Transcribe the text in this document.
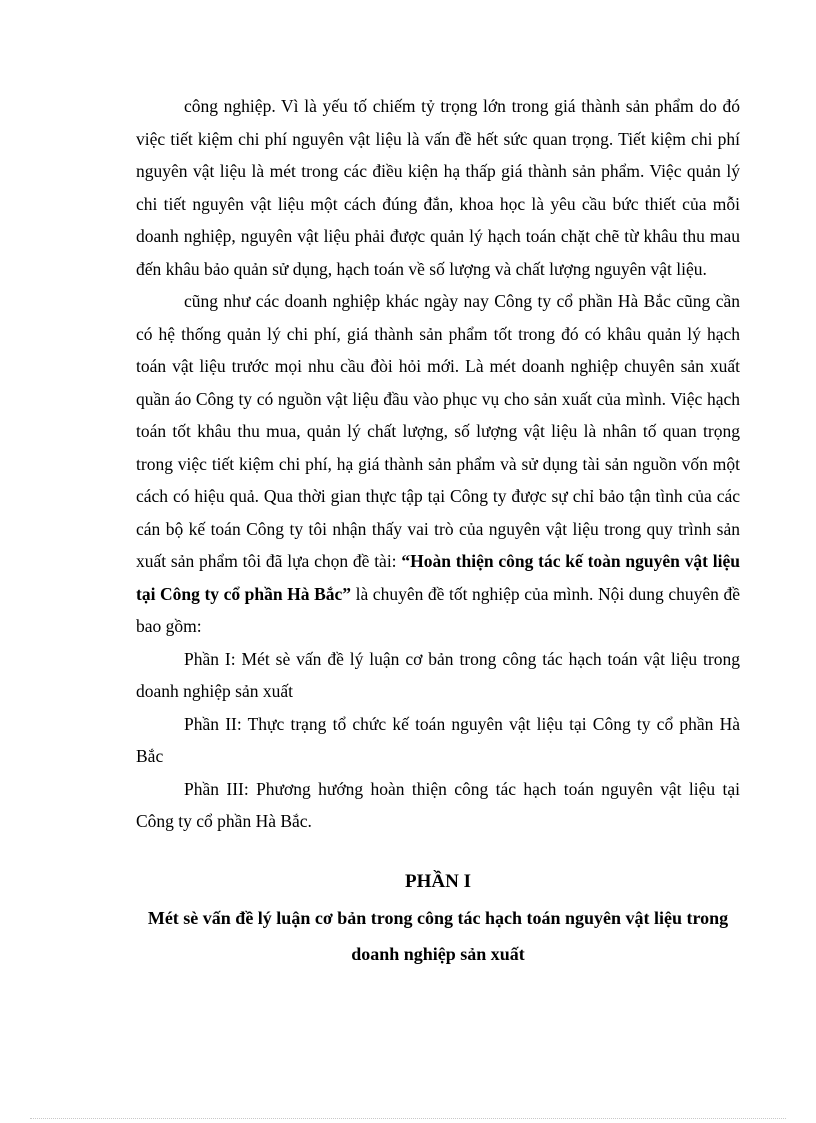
công nghiệp. Vì là yếu tố chiếm tỷ trọng lớn trong giá thành sản phẩm do đó việc tiết kiệm chi phí nguyên vật liệu là vấn đề hết sức quan trọng. Tiết kiệm chi phí nguyên vật liệu là mét trong các điều kiện hạ thấp giá thành sản phẩm. Việc quản lý chi tiết nguyên vật liệu một cách đúng đắn, khoa học là yêu cầu bức thiết của mỗi doanh nghiệp, nguyên vật liệu phải được quản lý hạch toán chặt chẽ từ khâu thu mau đến khâu bảo quản sử dụng, hạch toán về số lượng và chất lượng nguyên vật liệu.

cũng như các doanh nghiệp khác ngày nay Công ty cổ phần Hà Bắc cũng cần có hệ thống quản lý chi phí, giá thành sản phẩm tốt trong đó có khâu quản lý hạch toán vật liệu trước mọi nhu cầu đòi hỏi mới. Là mét doanh nghiệp chuyên sản xuất quần áo Công ty có nguồn vật liệu đầu vào phục vụ cho sản xuất của mình. Việc hạch toán tốt khâu thu mua, quản lý chất lượng, số lượng vật liệu là nhân tố quan trọng trong việc tiết kiệm chi phí, hạ giá thành sản phẩm và sử dụng tài sản nguồn vốn một cách có hiệu quả. Qua thời gian thực tập tại Công ty được sự chỉ bảo tận tình của các cán bộ kế toán Công ty tôi nhận thấy vai trò của nguyên vật liệu trong quy trình sản xuất sản phẩm tôi đã lựa chọn đề tài: “Hoàn thiện công tác kế toàn nguyên vật liệu tại Công ty cổ phần Hà Bắc” là chuyên đề tốt nghiệp của mình. Nội dung chuyên đề bao gồm:

Phần I: Mét sè vấn đề lý luận cơ bản trong công tác hạch toán vật liệu trong doanh nghiệp sản xuất

Phần II: Thực trạng tổ chức kế toán nguyên vật liệu tại Công ty cổ phần Hà Bắc

Phần III: Phương hướng hoàn thiện công tác hạch toán nguyên vật liệu tại Công ty cổ phần Hà Bắc.

PHẦN I
Mét sè vấn đề lý luận cơ bản trong công tác hạch toán nguyên vật liệu trong doanh nghiệp sản xuất
